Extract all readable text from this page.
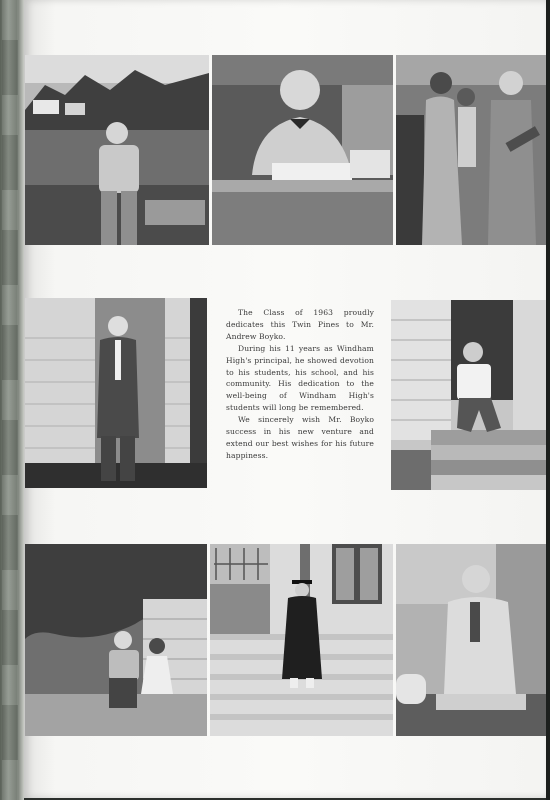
The Class of 1963 proudly dedicates this Twin Pines to Mr. Andrew Boyko.

During his 11 years as Windham High's principal, he showed devotion to his students, his school, and his community. His dedication to the well-being of Windham High's students will long be remembered.

We sincerely wish Mr. Boyko success in his new venture and extend our best wishes for his future happiness.
